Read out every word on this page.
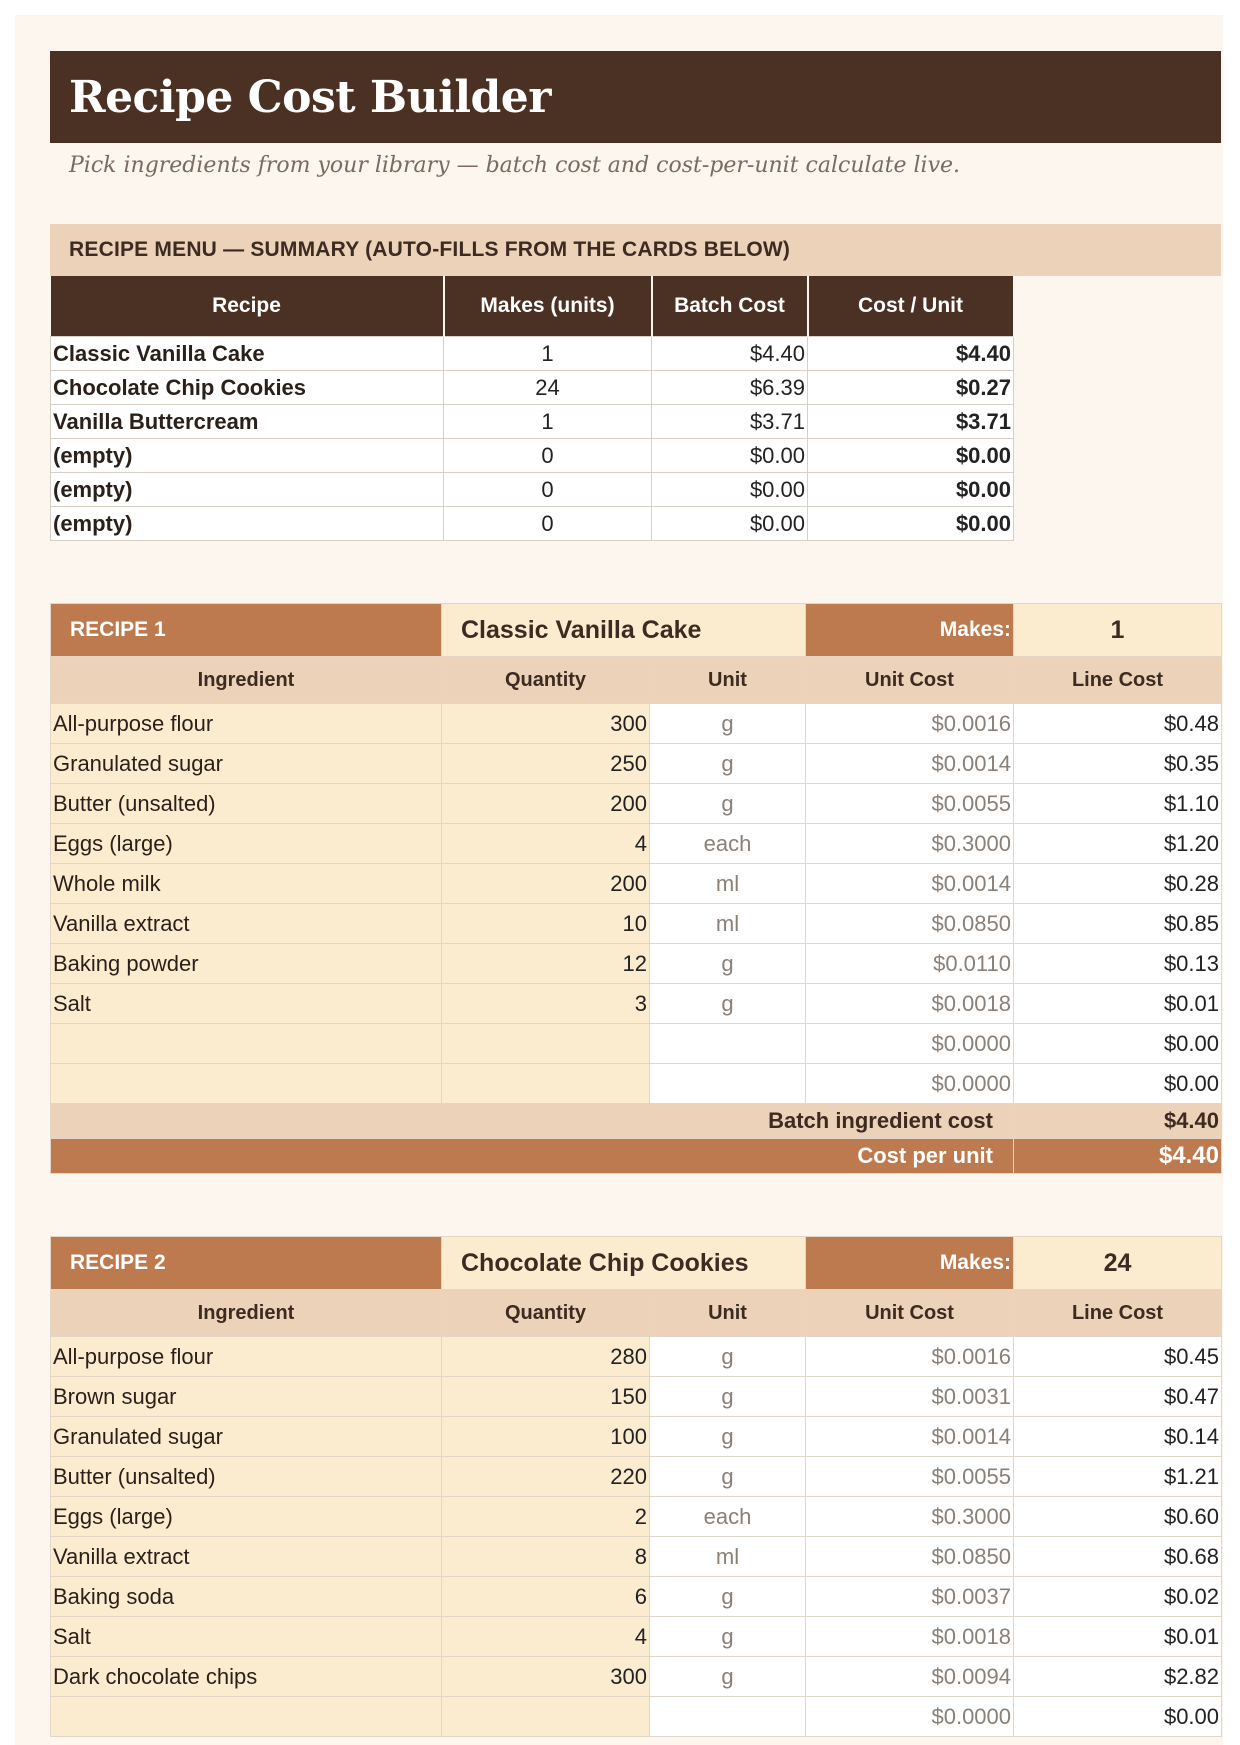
Recipe Cost Builder
Pick ingredients from your library — batch cost and cost-per-unit calculate live.
RECIPE MENU — SUMMARY (AUTO-FILLS FROM THE CARDS BELOW)
Recipe	Makes (units)	Batch Cost	Cost / Unit
Classic Vanilla Cake	1	$4.40	$4.40
Chocolate Chip Cookies	24	$6.39	$0.27
Vanilla Buttercream	1	$3.71	$3.71
(empty)	0	$0.00	$0.00
(empty)	0	$0.00	$0.00
(empty)	0	$0.00	$0.00
RECIPE 1	Classic Vanilla Cake		Makes:	1
Ingredient	Quantity	Unit	Unit Cost	Line Cost
All-purpose flour	300	g	$0.0016	$0.48
Granulated sugar	250	g	$0.0014	$0.35
Butter (unsalted)	200	g	$0.0055	$1.10
Eggs (large)	4	each	$0.3000	$1.20
Whole milk	200	ml	$0.0014	$0.28
Vanilla extract	10	ml	$0.0850	$0.85
Baking powder	12	g	$0.0110	$0.13
Salt	3	g	$0.0018	$0.01
			$0.0000	$0.00
			$0.0000	$0.00
Batch ingredient cost				$4.40
Cost per unit				$4.40
RECIPE 2	Chocolate Chip Cookies		Makes:	24
Ingredient	Quantity	Unit	Unit Cost	Line Cost
All-purpose flour	280	g	$0.0016	$0.45
Brown sugar	150	g	$0.0031	$0.47
Granulated sugar	100	g	$0.0014	$0.14
Butter (unsalted)	220	g	$0.0055	$1.21
Eggs (large)	2	each	$0.3000	$0.60
Vanilla extract	8	ml	$0.0850	$0.68
Baking soda	6	g	$0.0037	$0.02
Salt	4	g	$0.0018	$0.01
Dark chocolate chips	300	g	$0.0094	$2.82
			$0.0000	$0.00
